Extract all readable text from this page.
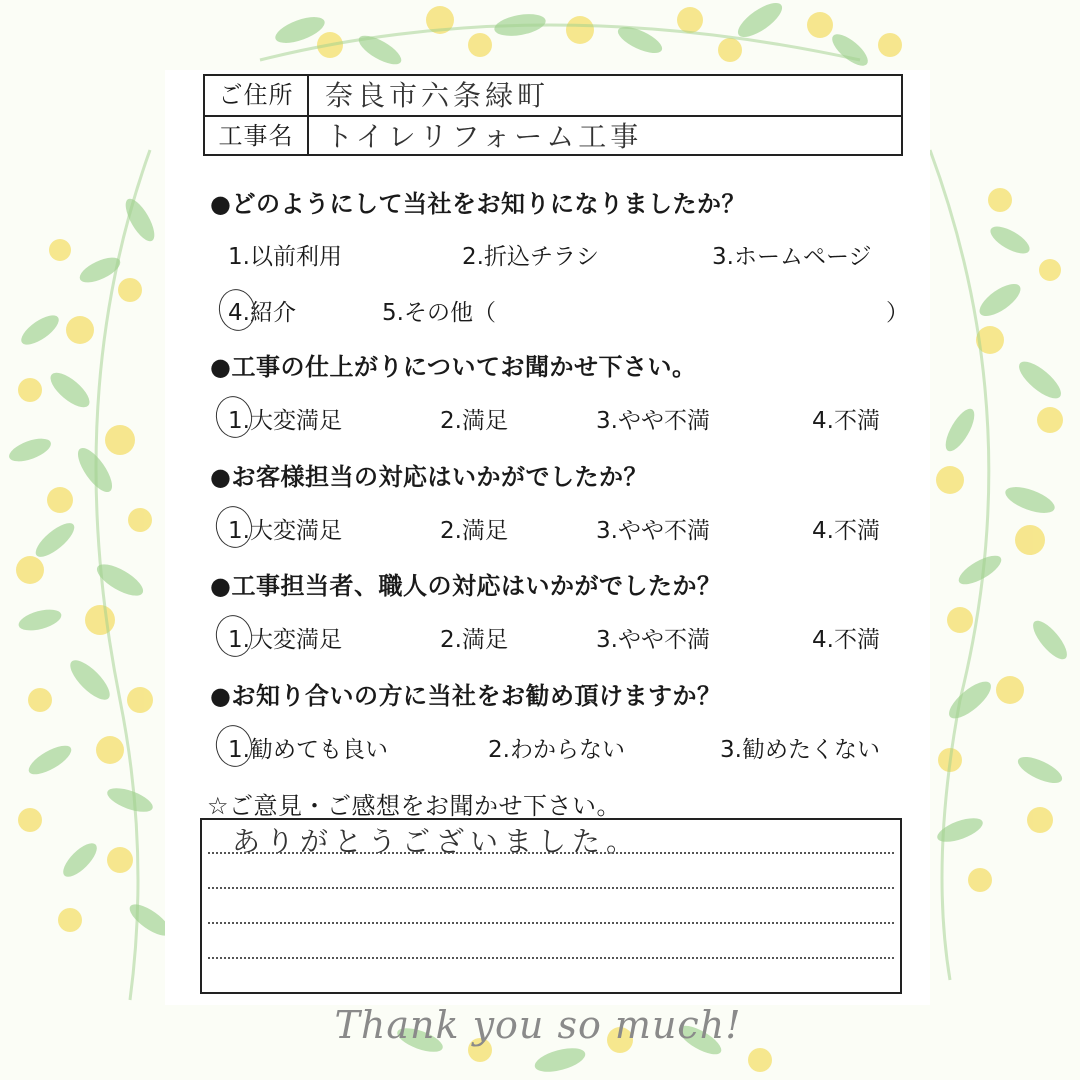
ご住所	奈良市六条緑町
工事名	トイレリフォーム工事
●どのようにして当社をお知りになりましたか？
1.以前利用	2.折込チラシ	3.ホームページ
4.紹介	5.その他（	）
●工事の仕上がりについてお聞かせ下さい。
1.大変満足	2.満足	3.やや不満	4.不満
●お客様担当の対応はいかがでしたか？
1.大変満足	2.満足	3.やや不満	4.不満
●工事担当者、職人の対応はいかがでしたか？
1.大変満足	2.満足	3.やや不満	4.不満
●お知り合いの方に当社をお勧め頂けますか？
1.勧めても良い	2.わからない	3.勧めたくない
☆ご意見・ご感想をお聞かせ下さい。
ありがとうございました。
Thank you so much!
